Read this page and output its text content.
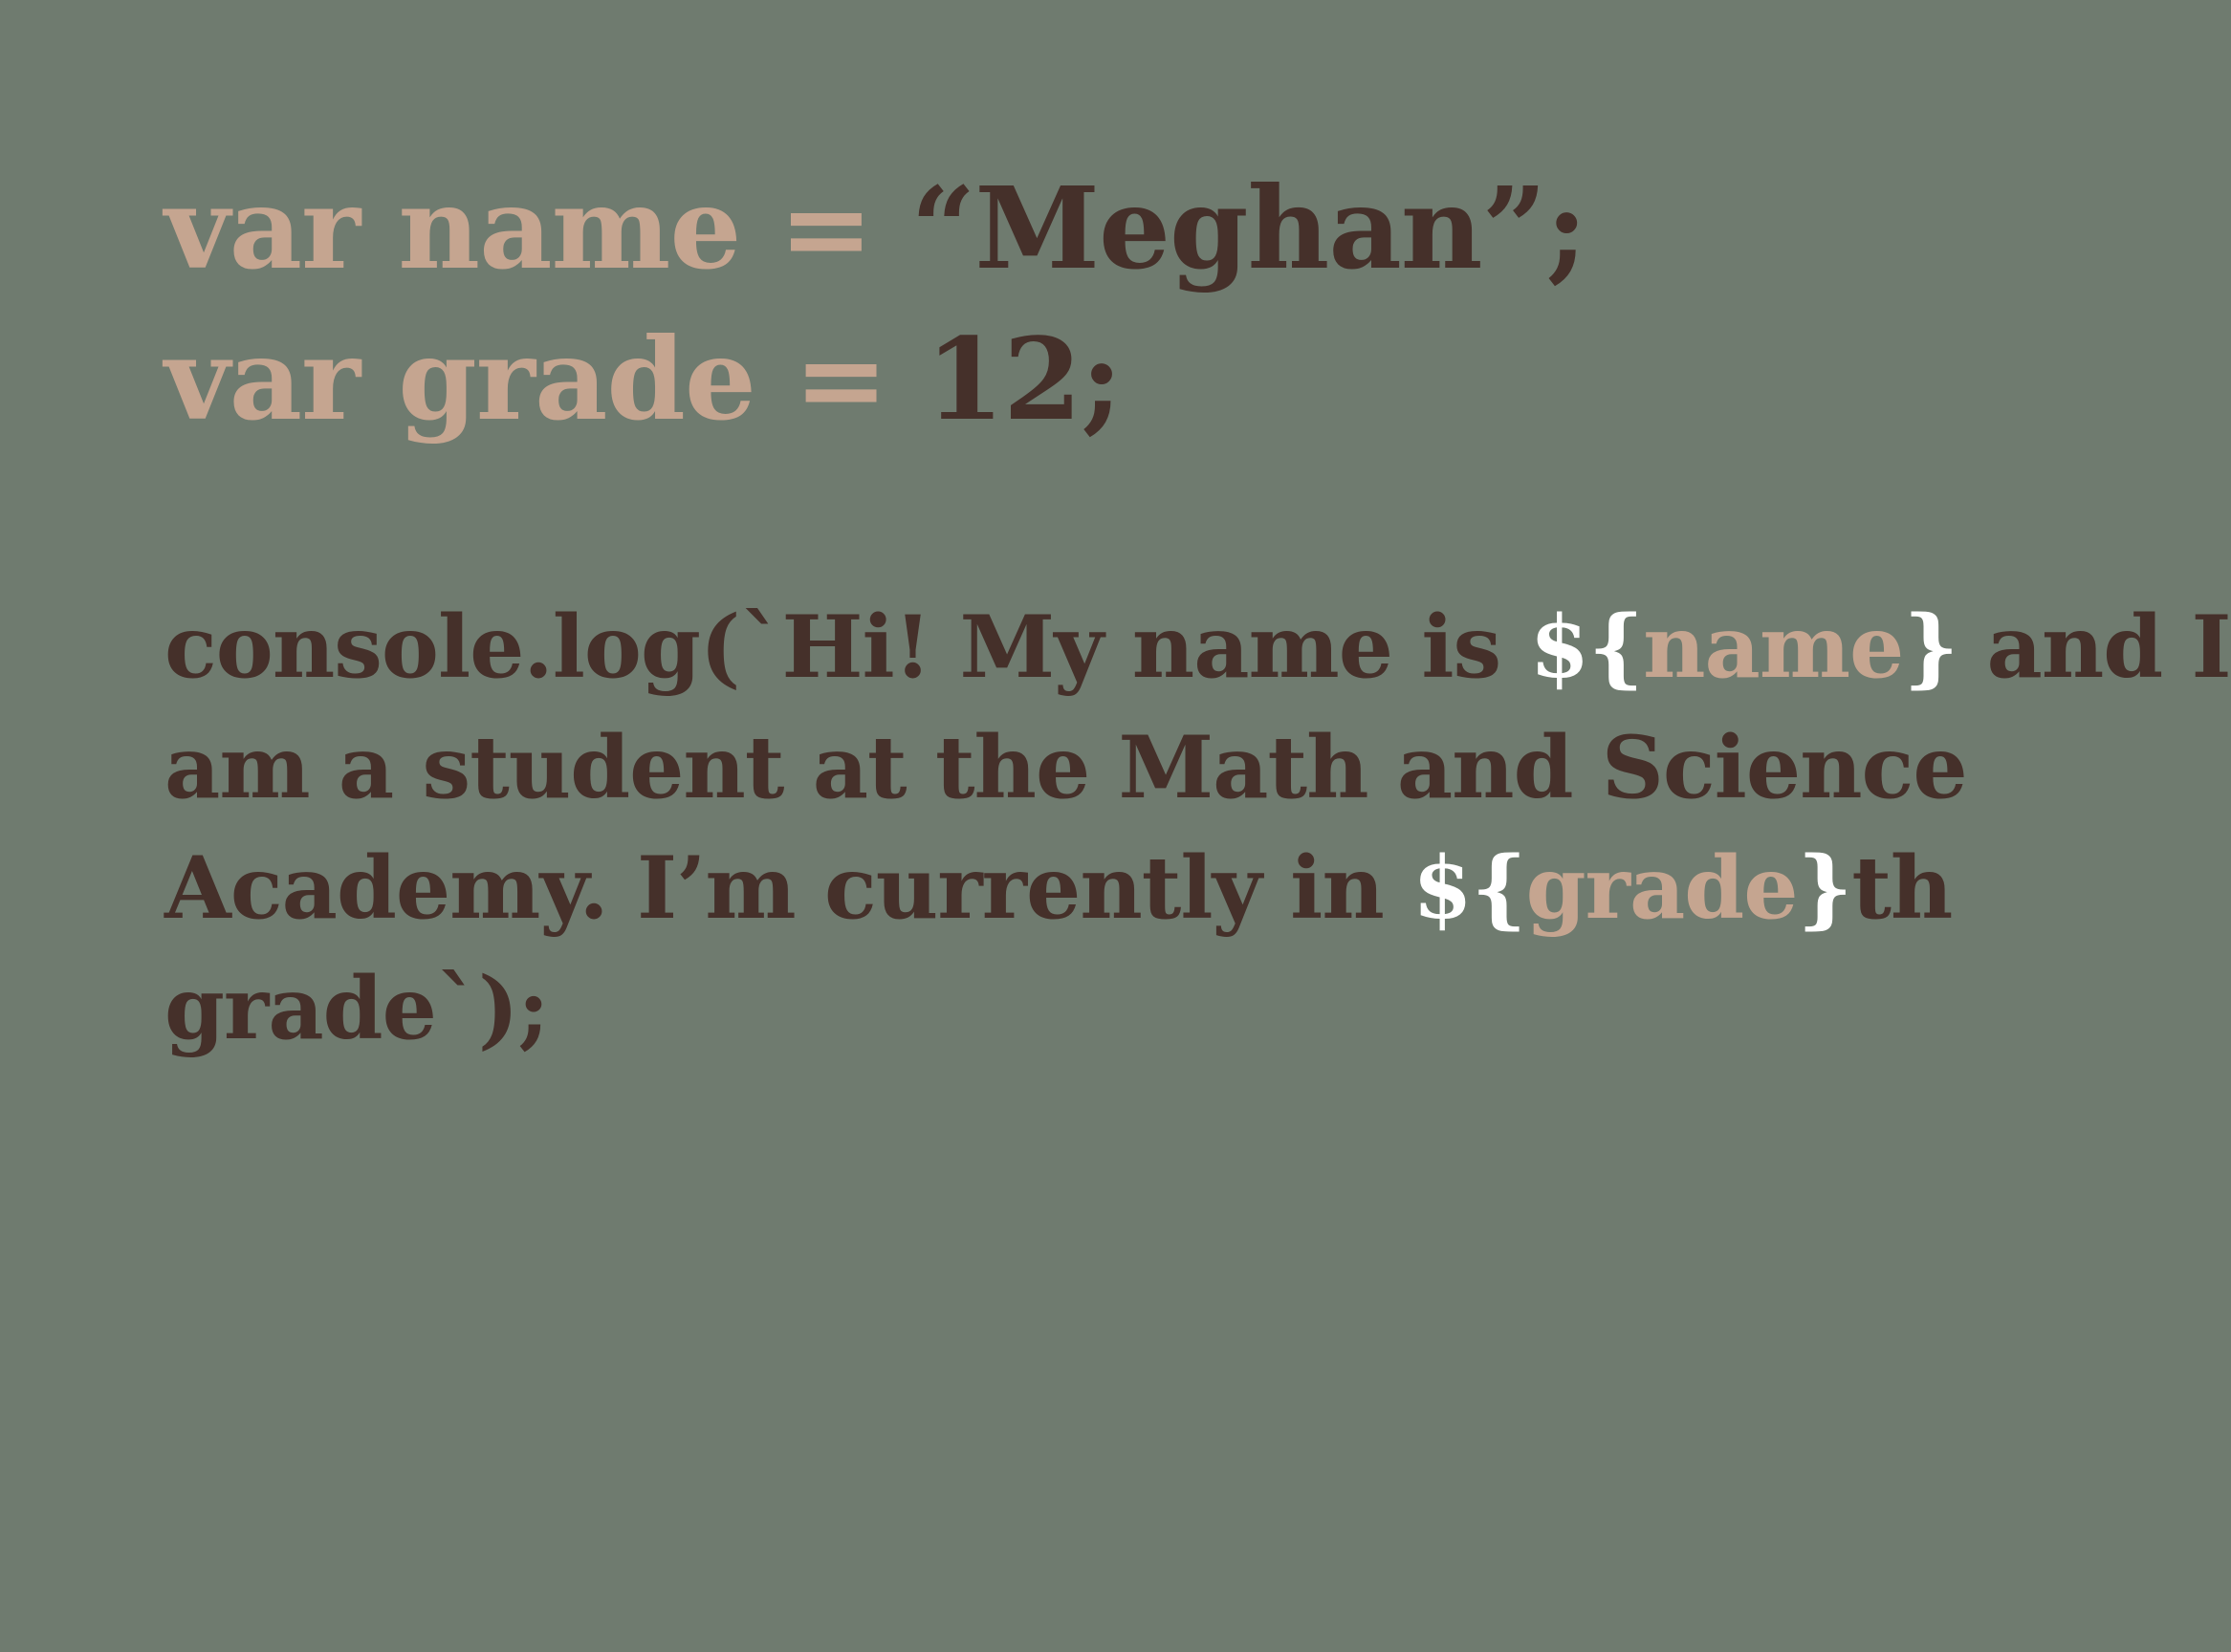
var name = “Meghan”;
var grade = 12;
console.log(`Hi! My name is ${name} and I
am a student at the Math and Science
Academy. I’m currently in ${grade}th
grade`);
